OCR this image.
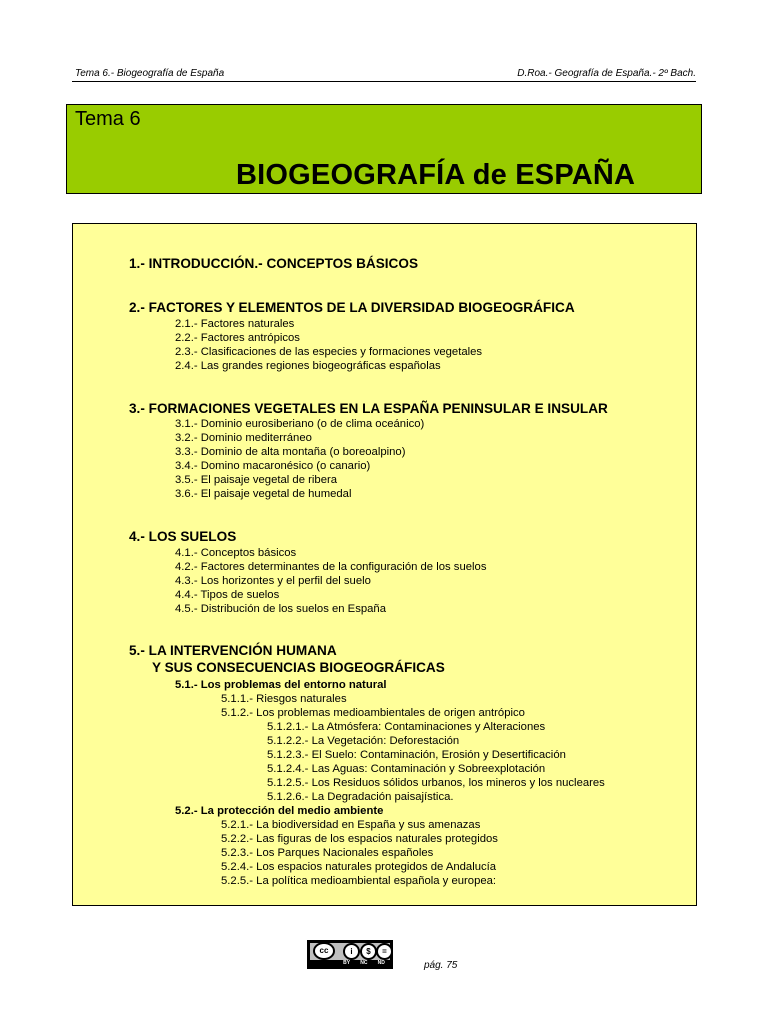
Tema 6.- Biogeografía de España	D.Roa.- Geografía de España.- 2º Bach.
Tema 6
BIOGEOGRAFÍA de ESPAÑA
1.- INTRODUCCIÓN.- CONCEPTOS BÁSICOS
2.- FACTORES Y ELEMENTOS DE LA DIVERSIDAD BIOGEOGRÁFICA
2.1.- Factores naturales
2.2.- Factores antrópicos
2.3.- Clasificaciones de las especies y formaciones vegetales
2.4.- Las grandes regiones biogeográficas españolas
3.- FORMACIONES VEGETALES EN LA ESPAÑA PENINSULAR E INSULAR
3.1.- Dominio eurosiberiano (o de clima oceánico)
3.2.- Dominio mediterráneo
3.3.- Dominio de alta montaña (o boreoalpino)
3.4.- Domino macaronésico (o canario)
3.5.- El paisaje vegetal de ribera
3.6.- El paisaje vegetal de humedal
4.- LOS SUELOS
4.1.- Conceptos básicos
4.2.- Factores determinantes de la configuración de los suelos
4.3.- Los horizontes y el perfil del suelo
4.4.- Tipos de suelos
4.5.- Distribución de los suelos en España
5.- LA INTERVENCIÓN HUMANA
Y SUS CONSECUENCIAS BIOGEOGRÁFICAS
5.1.- Los problemas del entorno natural
5.1.1.- Riesgos naturales
5.1.2.- Los problemas medioambientales de origen antrópico
5.1.2.1.- La Atmósfera: Contaminaciones y Alteraciones
5.1.2.2.- La Vegetación: Deforestación
5.1.2.3.- El Suelo: Contaminación, Erosión y Desertificación
5.1.2.4.- Las Aguas: Contaminación y Sobreexplotación
5.1.2.5.- Los Residuos sólidos urbanos, los mineros y los nucleares
5.1.2.6.- La Degradación paisajística.
5.2.- La protección del medio ambiente
5.2.1.- La biodiversidad en España y sus amenazas
5.2.2.- Las figuras de los espacios naturales protegidos
5.2.3.- Los Parques Nacionales españoles
5.2.4.- Los espacios naturales protegidos de Andalucía
5.2.5.- La política medioambiental española y europea:
cc	i	$	=
BY NC ND	pág. 75
